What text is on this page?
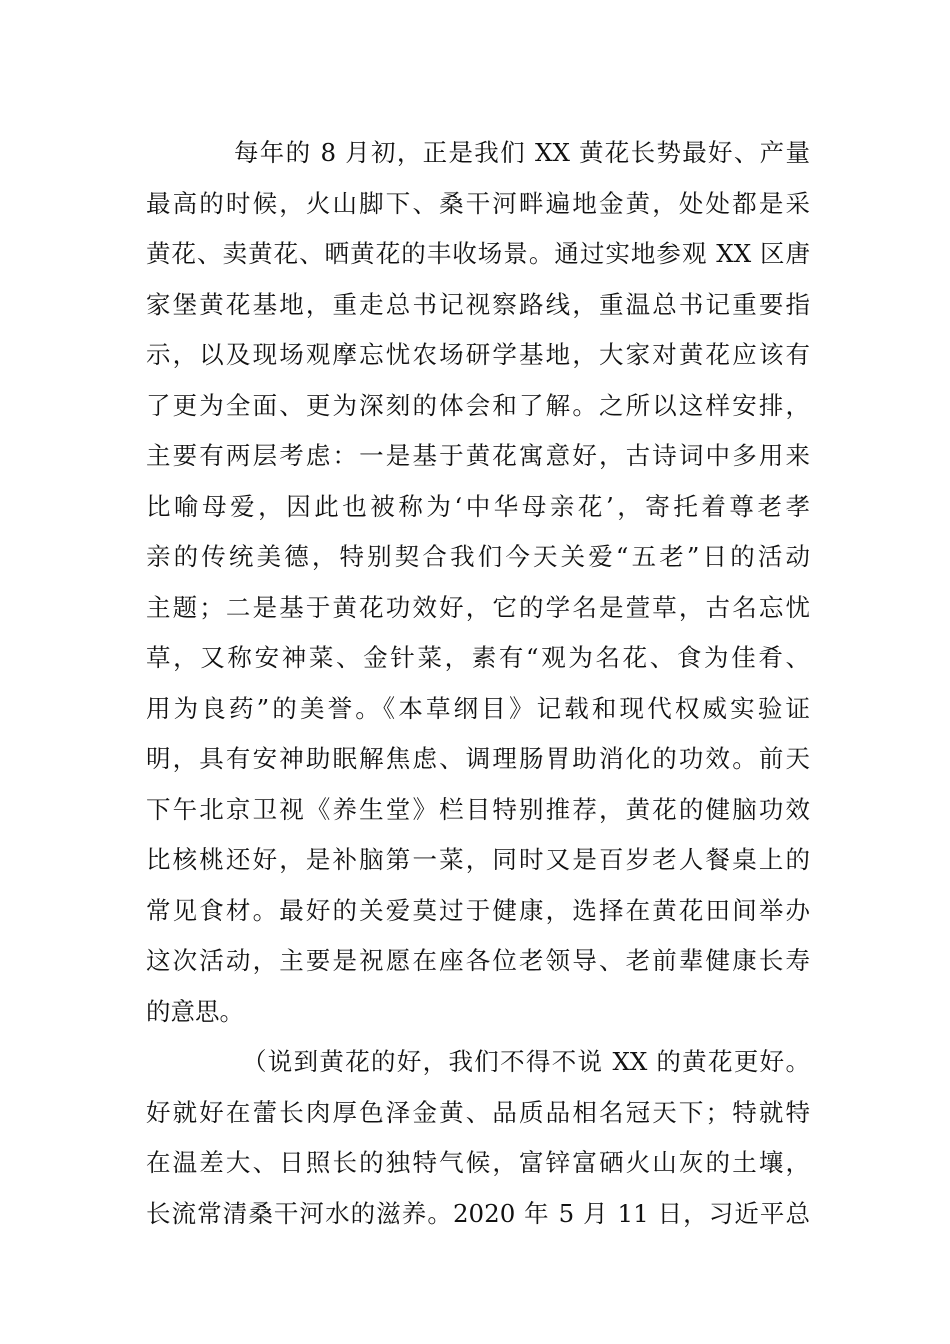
每年的 8 月初，正是我们 XX 黄花长势最好、产量
最高的时候，火山脚下、桑干河畔遍地金黄，处处都是采
黄花、卖黄花、晒黄花的丰收场景。通过实地参观 XX 区唐
家堡黄花基地，重走总书记视察路线，重温总书记重要指
示，以及现场观摩忘忧农场研学基地，大家对黄花应该有
了更为全面、更为深刻的体会和了解。之所以这样安排，
主要有两层考虑：一是基于黄花寓意好，古诗词中多用来
比喻母爱，因此也被称为‘中华母亲花’，寄托着尊老孝
亲的传统美德，特别契合我们今天关爱“五老”日的活动
主题；二是基于黄花功效好，它的学名是萱草，古名忘忧
草，又称安神菜、金针菜，素有“观为名花、食为佳肴、
用为良药”的美誉。《本草纲目》记载和现代权威实验证
明，具有安神助眠解焦虑、调理肠胃助消化的功效。前天
下午北京卫视《养生堂》栏目特别推荐，黄花的健脑功效
比核桃还好，是补脑第一菜，同时又是百岁老人餐桌上的
常见食材。最好的关爱莫过于健康，选择在黄花田间举办
这次活动，主要是祝愿在座各位老领导、老前辈健康长寿
的意思。
（说到黄花的好，我们不得不说 XX 的黄花更好。
好就好在蕾长肉厚色泽金黄、品质品相名冠天下；特就特
在温差大、日照长的独特气候，富锌富硒火山灰的土壤，
长流常清桑干河水的滋养。2020 年 5 月 11 日，习近平总
